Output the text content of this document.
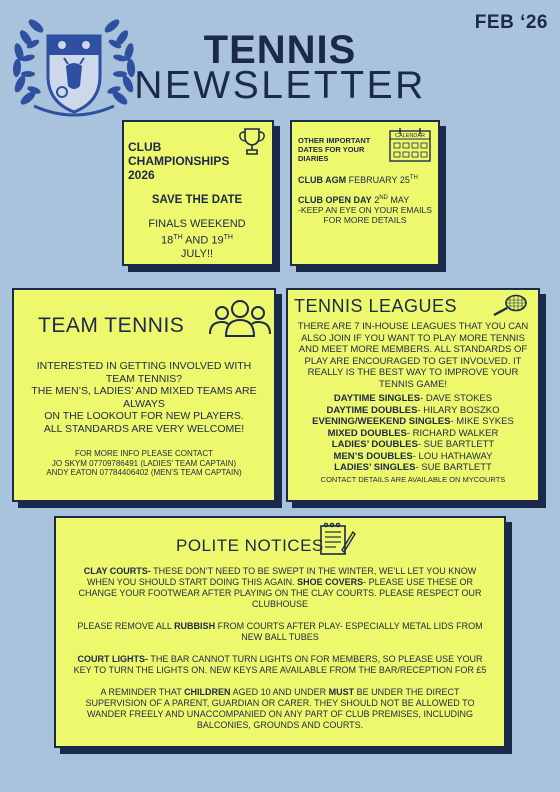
FEB ‘26
TENNIS
NEWSLETTER
CLUB CHAMPIONSHIPS 2026
SAVE THE DATE
FINALS WEEKEND
18TH AND 19TH
JULY!!
CALENDAR
OTHER IMPORTANT DATES FOR YOUR DIARIES
CLUB AGM FEBRUARY 25TH
CLUB OPEN DAY 2ND MAY
-KEEP AN EYE ON YOUR EMAILS FOR MORE DETAILS
TEAM TENNIS
INTERESTED IN GETTING INVOLVED WITH TEAM TENNIS?
THE MEN’S, LADIES’ AND MIXED TEAMS ARE ALWAYS
ON THE LOOKOUT FOR NEW PLAYERS.
ALL STANDARDS ARE VERY WELCOME!
FOR MORE INFO PLEASE CONTACT
JO SKYM 07709786491 (LADIES’ TEAM CAPTAIN)
ANDY EATON 07784406402 (MEN’S TEAM CAPTAIN)
TENNIS LEAGUES
THERE ARE 7 IN-HOUSE LEAGUES THAT YOU CAN ALSO JOIN IF YOU WANT TO PLAY MORE TENNIS AND MEET MORE MEMBERS. ALL STANDARDS OF PLAY ARE ENCOURAGED TO GET INVOLVED. IT REALLY IS THE BEST WAY TO IMPROVE YOUR TENNIS GAME!
DAYTIME SINGLES- DAVE STOKES
DAYTIME DOUBLES- HILARY BOSZKO
EVENING/WEEKEND SINGLES- MIKE SYKES
MIXED DOUBLES- RICHARD WALKER
LADIES’ DOUBLES- SUE BARTLETT
MEN’S DOUBLES- LOU HATHAWAY
LADIES’ SINGLES- SUE BARTLETT
CONTACT DETAILS ARE AVAILABLE ON MYCOURTS
POLITE NOTICES

CLAY COURTS- THESE DON’T NEED TO BE SWEPT IN THE WINTER, WE’LL LET YOU KNOW WHEN YOU SHOULD START DOING THIS AGAIN. SHOE COVERS- PLEASE USE THESE OR CHANGE YOUR FOOTWEAR AFTER PLAYING ON THE CLAY COURTS. PLEASE RESPECT OUR CLUBHOUSE

PLEASE REMOVE ALL RUBBISH FROM COURTS AFTER PLAY- ESPECIALLY METAL LIDS FROM NEW BALL TUBES

COURT LIGHTS- THE BAR CANNOT TURN LIGHTS ON FOR MEMBERS, SO PLEASE USE YOUR KEY TO TURN THE LIGHTS ON. NEW KEYS ARE AVAILABLE FROM THE BAR/RECEPTION FOR £5

A REMINDER THAT CHILDREN AGED 10 AND UNDER MUST BE UNDER THE DIRECT SUPERVISION OF A PARENT, GUARDIAN OR CARER. THEY SHOULD NOT BE ALLOWED TO WANDER FREELY AND UNACCOMPANIED ON ANY PART OF CLUB PREMISES, INCLUDING BALCONIES, GROUNDS AND COURTS.
